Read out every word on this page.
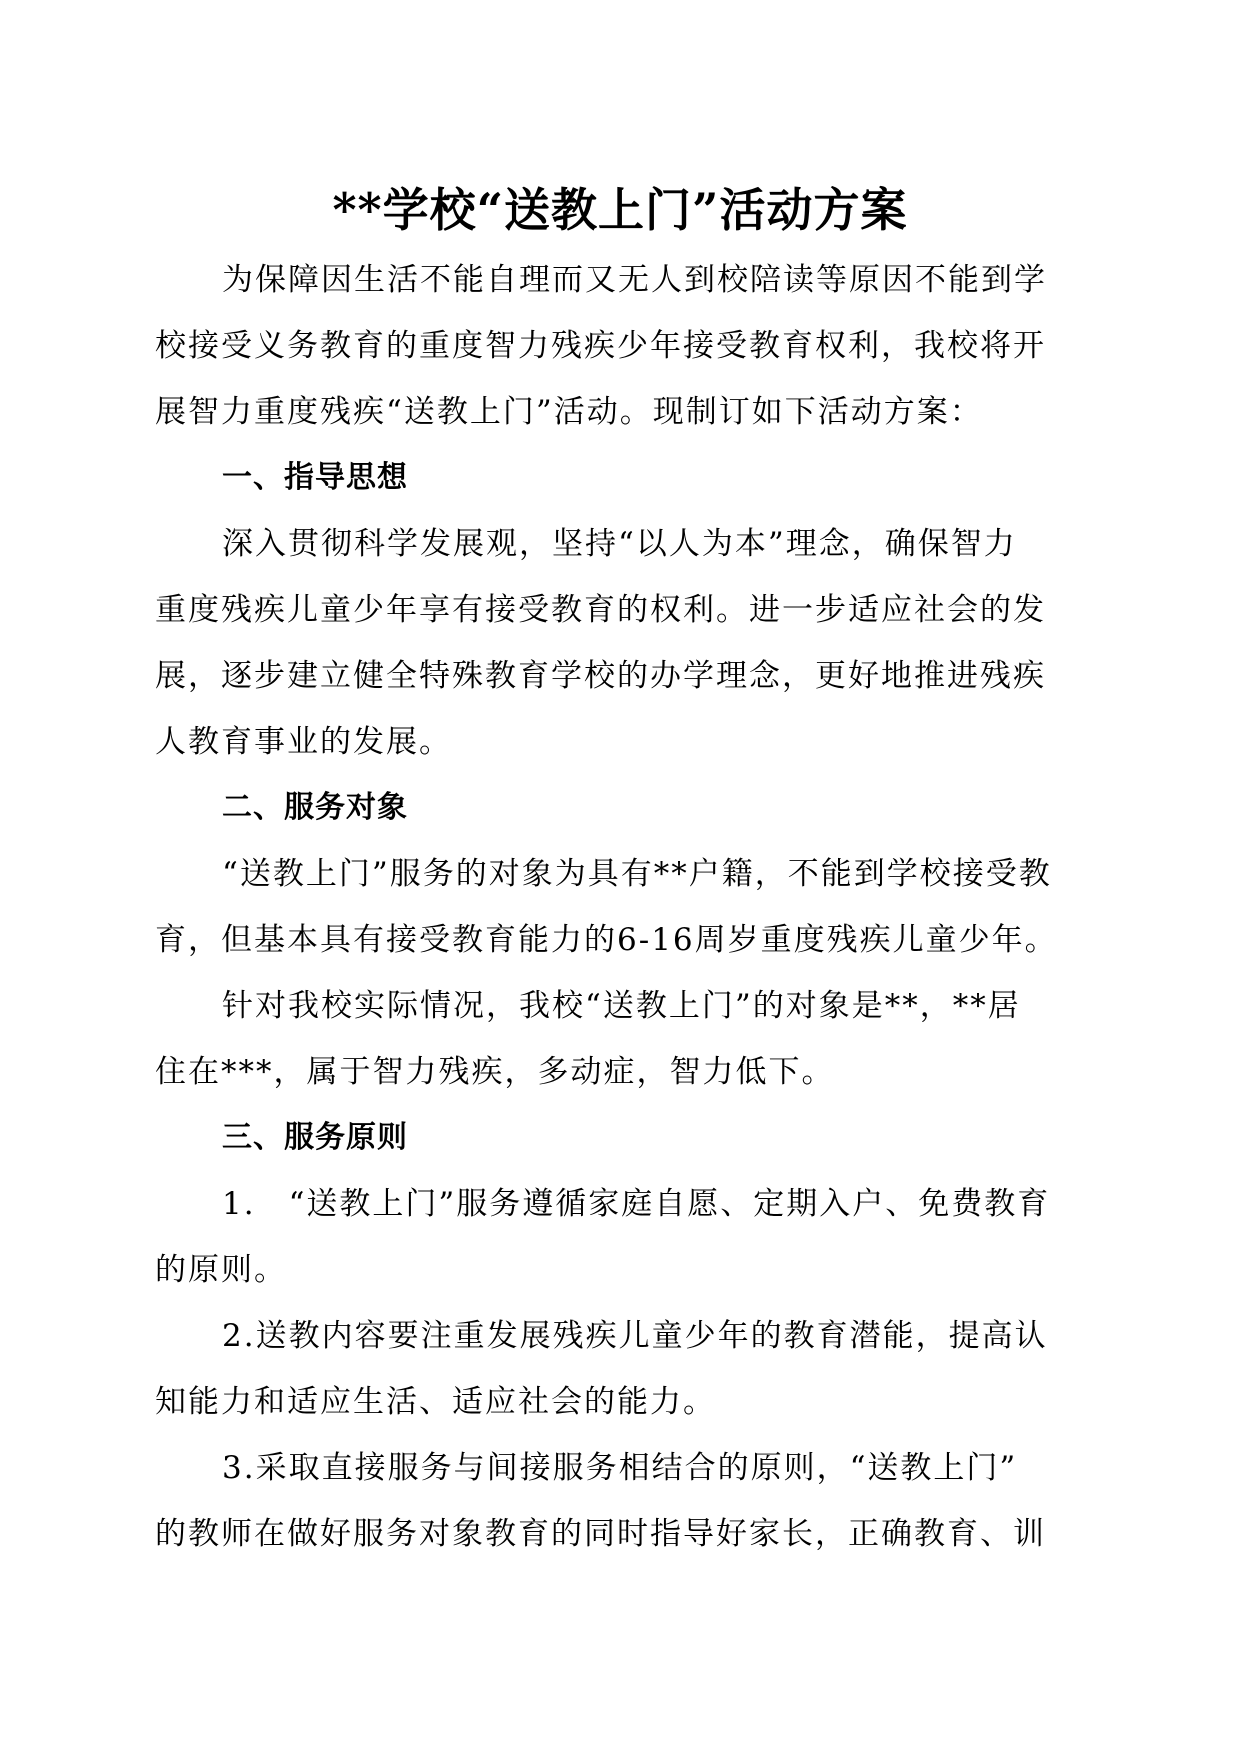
**学校“送教上门”活动方案
为保障因生活不能自理而又无人到校陪读等原因不能到学
校接受义务教育的重度智力残疾少年接受教育权利，我校将开
展智力重度残疾“送教上门”活动。现制订如下活动方案：
一、指导思想
深入贯彻科学发展观，坚持“以人为本”理念，确保智力
重度残疾儿童少年享有接受教育的权利。进一步适应社会的发
展，逐步建立健全特殊教育学校的办学理念，更好地推进残疾
人教育事业的发展。
二、服务对象
“送教上门”服务的对象为具有**户籍，不能到学校接受教
育，但基本具有接受教育能力的6-16周岁重度残疾儿童少年。
针对我校实际情况，我校“送教上门”的对象是**，**居
住在***，属于智力残疾，多动症，智力低下。
三、服务原则
1.　“送教上门”服务遵循家庭自愿、定期入户、免费教育
的原则。
2.送教内容要注重发展残疾儿童少年的教育潜能，提高认
知能力和适应生活、适应社会的能力。
3.采取直接服务与间接服务相结合的原则，“送教上门”
的教师在做好服务对象教育的同时指导好家长，正确教育、训
